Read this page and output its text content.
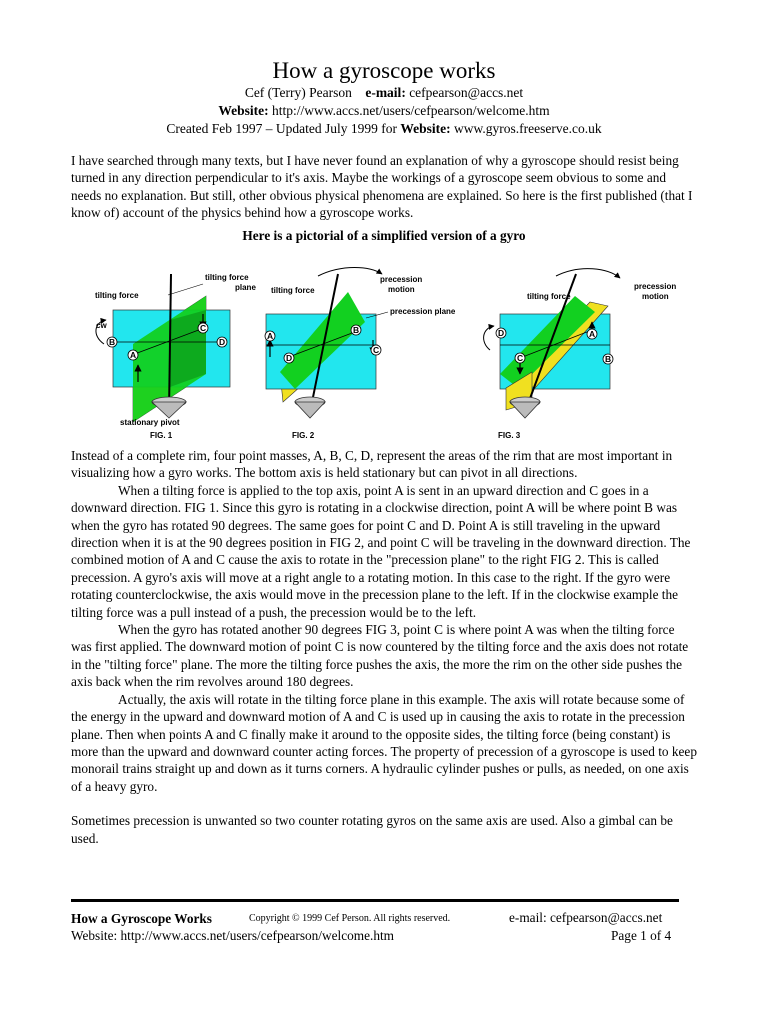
How a gyroscope works
Cef (Terry) Pearson e-mail: cefpearson@accs.net
Website: http://www.accs.net/users/cefpearson/welcome.htm
Created Feb 1997 – Updated July 1999 for Website: www.gyros.freeserve.co.uk

I have searched through many texts, but I have never found an explanation of why a gyroscope should resist being turned in any direction perpendicular to it's axis. Maybe the workings of a gyroscope seem obvious to some and needs no explanation. But still, other obvious physical phenomena are explained. So here is the first published (that I know of) account of the physics behind how a gyroscope works.

Here is a pictorial of a simplified version of a gyro
A
B
C
D
tilting force
tilting force
plane
cw
stationary pivot
FIG. 1
A
B
C
D
tilting force
precession
motion
precession plane
FIG. 2
A
B
C
D
tilting force
precession
motion
FIG. 3

Instead of a complete rim, four point masses, A, B, C, D, represent the areas of the rim that are most important in visualizing how a gyro works. The bottom axis is held stationary but can pivot in all directions.

When a tilting force is applied to the top axis, point A is sent in an upward direction and C goes in a downward direction. FIG 1. Since this gyro is rotating in a clockwise direction, point A will be where point B was when the gyro has rotated 90 degrees. The same goes for point C and D. Point A is still traveling in the upward direction when it is at the 90 degrees position in FIG 2, and point C will be traveling in the downward direction. The combined motion of A and C cause the axis to rotate in the "precession plane" to the right FIG 2. This is called precession. A gyro's axis will move at a right angle to a rotating motion. In this case to the right. If the gyro were rotating counterclockwise, the axis would move in the precession plane to the left. If in the clockwise example the tilting force was a pull instead of a push, the precession would be to the left.

When the gyro has rotated another 90 degrees FIG 3, point C is where point A was when the tilting force was first applied. The downward motion of point C is now countered by the tilting force and the axis does not rotate in the "tilting force" plane. The more the tilting force pushes the axis, the more the rim on the other side pushes the axis back when the rim revolves around 180 degrees.

Actually, the axis will rotate in the tilting force plane in this example. The axis will rotate because some of the energy in the upward and downward motion of A and C is used up in causing the axis to rotate in the precession plane. Then when points A and C finally make it around to the opposite sides, the tilting force (being constant) is more than the upward and downward counter acting forces. The property of precession of a gyroscope is used to keep monorail trains straight up and down as it turns corners. A hydraulic cylinder pushes or pulls, as needed, on one axis of a heavy gyro.

Sometimes precession is unwanted so two counter rotating gyros on the same axis are used. Also a gimbal can be used.

How a Gyroscope Works	Copyright © 1999 Cef Person. All rights reserved.	e-mail: cefpearson@accs.net
Website: http://www.accs.net/users/cefpearson/welcome.htm	Page 1 of 4
